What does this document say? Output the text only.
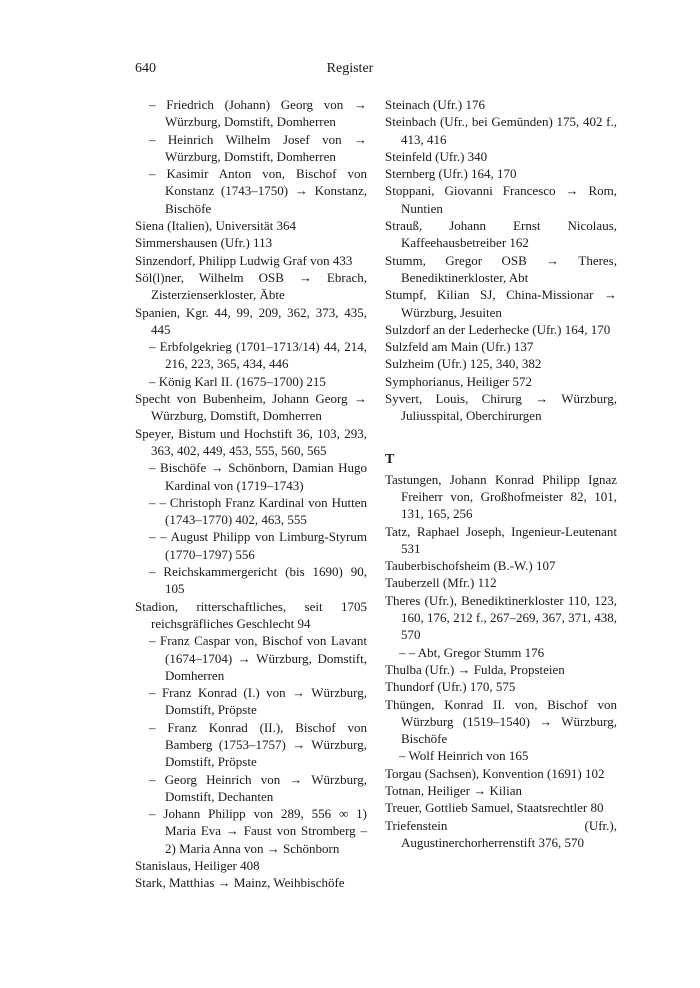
640	Register

– Friedrich (Johann) Georg von → Würzburg, Domstift, Domherren

– Heinrich Wilhelm Josef von → Würzburg, Domstift, Domherren

– Kasimir Anton von, Bischof von Konstanz (1743–1750) → Konstanz, Bischöfe

Siena (Italien), Universität 364

Simmershausen (Ufr.) 113

Sinzendorf, Philipp Ludwig Graf von 433

Söl(l)ner, Wilhelm OSB → Ebrach, Zisterzienserkloster, Äbte

Spanien, Kgr. 44, 99, 209, 362, 373, 435, 445

– Erbfolgekrieg (1701–1713/14) 44, 214, 216, 223, 365, 434, 446

– König Karl II. (1675–1700) 215

Specht von Bubenheim, Johann Georg → Würzburg, Domstift, Domherren

Speyer, Bistum und Hochstift 36, 103, 293, 363, 402, 449, 453, 555, 560, 565

– Bischöfe → Schönborn, Damian Hugo Kardinal von (1719–1743)

– – Christoph Franz Kardinal von Hutten (1743–1770) 402, 463, 555

– – August Philipp von Limburg-Styrum (1770–1797) 556

– Reichskammergericht (bis 1690) 90, 105

Stadion, ritterschaftliches, seit 1705 reichsgräfliches Geschlecht 94

– Franz Caspar von, Bischof von Lavant (1674–1704) → Würzburg, Domstift, Domherren

– Franz Konrad (I.) von → Würzburg, Domstift, Pröpste

– Franz Konrad (II.), Bischof von Bamberg (1753–1757) → Würzburg, Domstift, Pröpste

– Georg Heinrich von → Würzburg, Domstift, Dechanten

– Johann Philipp von 289, 556 ∞ 1) Maria Eva → Faust von Stromberg – 2) Maria Anna von → Schönborn

Stanislaus, Heiliger 408

Stark, Matthias → Mainz, Weihbischöfe

Steinach (Ufr.) 176

Steinbach (Ufr., bei Gemünden) 175, 402 f., 413, 416

Steinfeld (Ufr.) 340

Sternberg (Ufr.) 164, 170

Stoppani, Giovanni Francesco → Rom, Nuntien

Strauß, Johann Ernst Nicolaus, Kaffeehausbetreiber 162

Stumm, Gregor OSB → Theres, Benediktinerkloster, Abt

Stumpf, Kilian SJ, China-Missionar → Würzburg, Jesuiten

Sulzdorf an der Lederhecke (Ufr.) 164, 170

Sulzfeld am Main (Ufr.) 137

Sulzheim (Ufr.) 125, 340, 382

Symphorianus, Heiliger 572

Syvert, Louis, Chirurg → Würzburg, Juliusspital, Oberchirurgen

T

Tastungen, Johann Konrad Philipp Ignaz Freiherr von, Großhofmeister 82, 101, 131, 165, 256

Tatz, Raphael Joseph, Ingenieur-Leutenant 531

Tauberbischofsheim (B.-W.) 107

Tauberzell (Mfr.) 112

Theres (Ufr.), Benediktinerkloster 110, 123, 160, 176, 212 f., 267–269, 367, 371, 438, 570

– – Abt, Gregor Stumm 176

Thulba (Ufr.) → Fulda, Propsteien

Thundorf (Ufr.) 170, 575

Thüngen, Konrad II. von, Bischof von Würzburg (1519–1540) → Würzburg, Bischöfe

– Wolf Heinrich von 165

Torgau (Sachsen), Konvention (1691) 102

Totnan, Heiliger → Kilian

Treuer, Gottlieb Samuel, Staatsrechtler 80

Triefenstein (Ufr.), Augustinerchorherrenstift 376, 570
